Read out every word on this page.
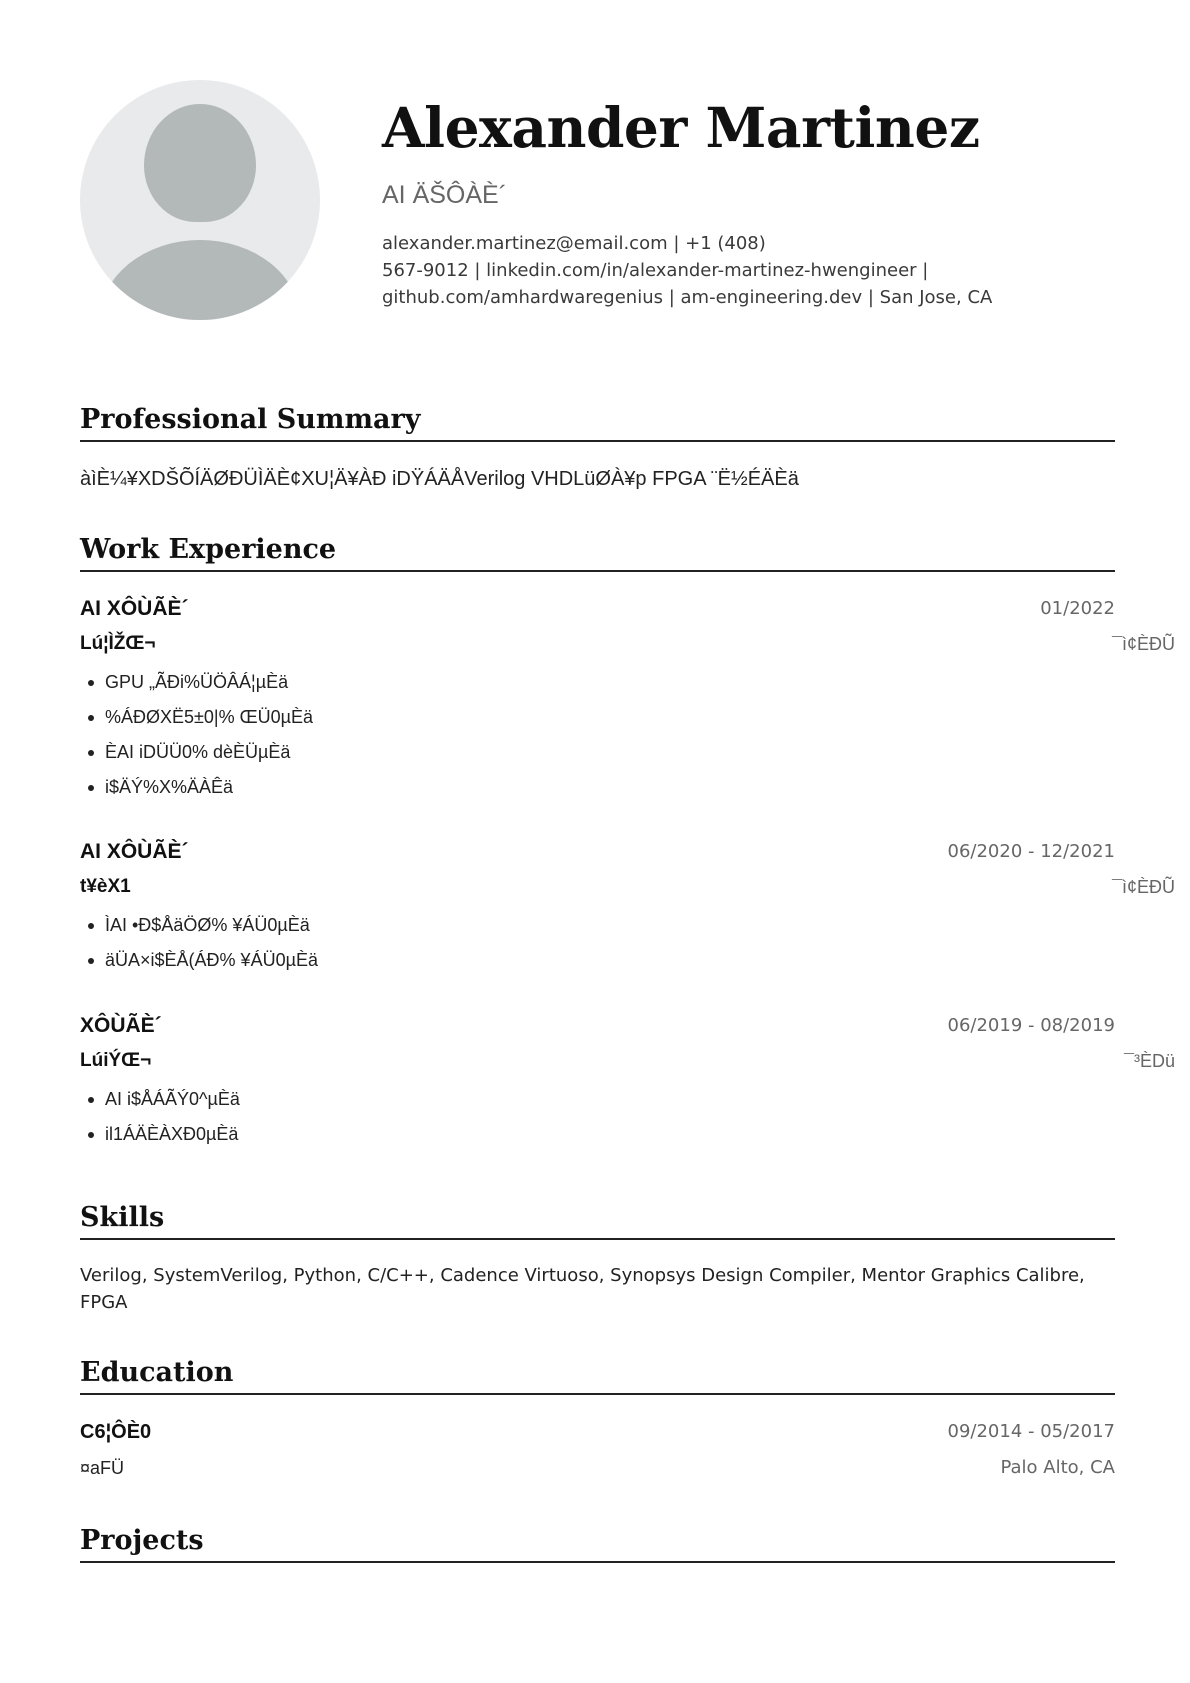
Alexander Martinez
AI ÄŠÔÀÈ´
alexander.martinez@email.com | +1 (408)
567-9012 | linkedin.com/in/alexander-martinez-hwengineer |
github.com/amhardwaregenius | am-engineering.dev | San Jose, CA
Professional Summary
àìÈ¼¥XDŠÕÍÄØÐÜÌÄÈ¢XU¦Ä¥ÀÐ iDŸÁÄÅVerilog VHDLüØÀ¥p FPGA ¨Ë½ÉÄÈä
Work Experience
AI XÔÙÃÈ´	01/2022
Lú¦ÌŽŒ¬	¯ì¢ÈÐŨ
GPU „ÃÐi%ÜÖÂÁ¦µÈä
%ÁÐØXË5±0|% ŒÜ0µÈä
ÈAI iDÜÜ0% dèÈÜµÈä
i$ÄÝ%X%ÄÀÊä
AI XÔÙÃÈ´	06/2020 - 12/2021
t¥èX1	¯ì¢ÈÐŨ
ÌAI •Ð$ÅäÖØ% ¥ÁÜ0µÈä
äÜA×i$ÈÅ(ÁÐ% ¥ÁÜ0µÈä
XÔÙÃÈ´	06/2019 - 08/2019
LúiÝŒ¬	¯³ÈDü
AI i$ÅÁÃÝ0^µÈä
il1ÁÄÈÀXÐ0µÈä
Skills
Verilog, SystemVerilog, Python, C/C++, Cadence Virtuoso, Synopsys Design Compiler, Mentor Graphics Calibre, FPGA
Education
C6¦ÔÈ0	09/2014 - 05/2017
¤aFÜ	Palo Alto, CA
Projects
